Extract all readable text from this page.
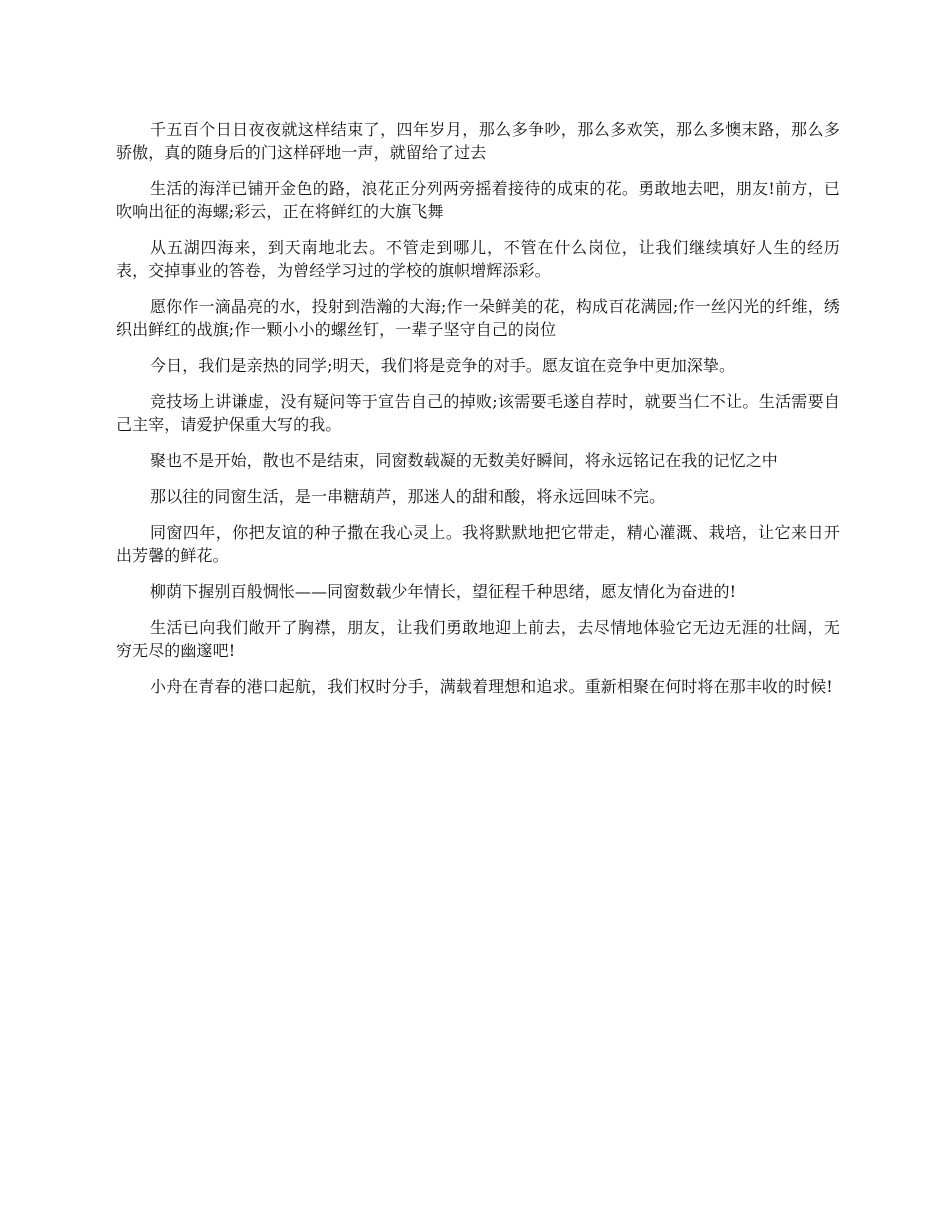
千五百个日日夜夜就这样结束了，四年岁月，那么多争吵，那么多欢笑，那么多懊末路，那么多骄傲，真的随身后的门这样砰地一声，就留给了过去

生活的海洋已铺开金色的路，浪花正分列两旁摇着接待的成束的花。勇敢地去吧，朋友!前方，已吹响出征的海螺;彩云，正在将鲜红的大旗飞舞

从五湖四海来，到天南地北去。不管走到哪儿，不管在什么岗位，让我们继续填好人生的经历表，交掉事业的答卷，为曾经学习过的学校的旗帜增辉添彩。

愿你作一滴晶亮的水，投射到浩瀚的大海;作一朵鲜美的花，构成百花满园;作一丝闪光的纤维，绣织出鲜红的战旗;作一颗小小的螺丝钉，一辈子坚守自己的岗位

今日，我们是亲热的同学;明天，我们将是竞争的对手。愿友谊在竞争中更加深挚。

竞技场上讲谦虚，没有疑问等于宣告自己的掉败;该需要毛遂自荐时，就要当仁不让。生活需要自己主宰，请爱护保重大写的我。

聚也不是开始，散也不是结束，同窗数载凝的无数美好瞬间，将永远铭记在我的记忆之中

那以往的同窗生活，是一串糖葫芦，那迷人的甜和酸，将永远回味不完。

同窗四年，你把友谊的种子撒在我心灵上。我将默默地把它带走，精心灌溉、栽培，让它来日开出芳馨的鲜花。

柳荫下握别百般惆怅——同窗数载少年情长，望征程千种思绪，愿友情化为奋进的!

生活已向我们敞开了胸襟，朋友，让我们勇敢地迎上前去，去尽情地体验它无边无涯的壮阔，无穷无尽的幽邃吧!

小舟在青春的港口起航，我们权时分手，满载着理想和追求。重新相聚在何时将在那丰收的时候!
